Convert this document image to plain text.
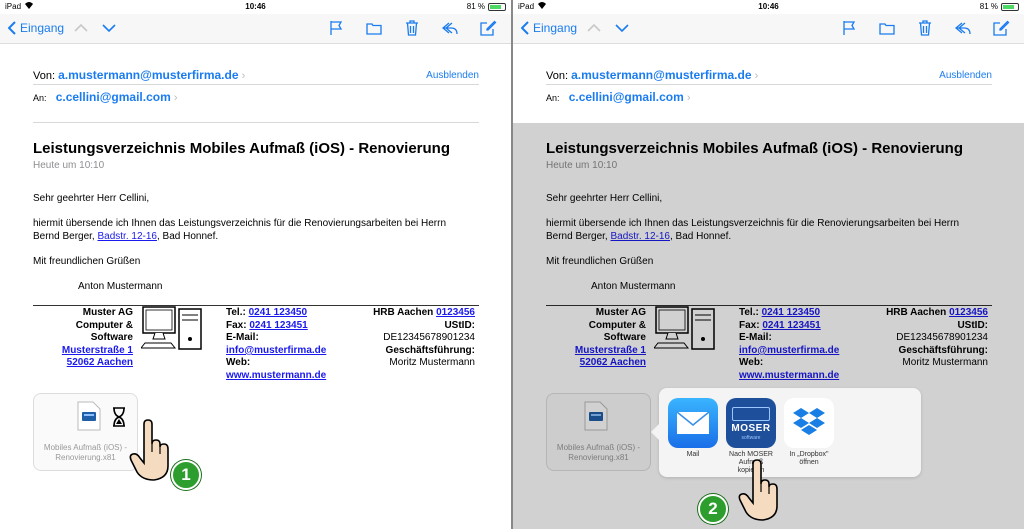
iPad	10:46	81 %
Eingang
Von: a.mustermann@musterfirma.de ›	Ausblenden
An: c.cellini@gmail.com ›
Leistungsverzeichnis Mobiles Aufmaß (iOS) - Renovierung
Heute um 10:10
Sehr geehrter Herr Cellini,
hiermit übersende ich Ihnen das Leistungsverzeichnis für die Renovierungsarbeiten bei Herrn
Bernd Berger, Badstr. 12-16, Bad Honnef.
Mit freundlichen Grüßen
Anton Mustermann
Muster AG
Computer &
Software
Musterstraße 1
52062 Aachen
Tel.: 0241 123450
Fax: 0241 123451
E-Mail:
info@musterfirma.de
Web:
www.mustermann.de
HRB Aachen 0123456
UStID:
DE12345678901234
Geschäftsführung:
Moritz Mustermann
Mobiles Aufmaß (iOS) -
Renovierung.x81
1
iPad	10:46	81 %
Eingang
Von: a.mustermann@musterfirma.de ›	Ausblenden
An: c.cellini@gmail.com ›
Leistungsverzeichnis Mobiles Aufmaß (iOS) - Renovierung
Heute um 10:10
Sehr geehrter Herr Cellini,
hiermit übersende ich Ihnen das Leistungsverzeichnis für die Renovierungsarbeiten bei Herrn
Bernd Berger, Badstr. 12-16, Bad Honnef.
Mit freundlichen Grüßen
Anton Mustermann
Muster AG
Computer &
Software
Musterstraße 1
52062 Aachen
Tel.: 0241 123450
Fax: 0241 123451
E-Mail:
info@musterfirma.de
Web:
www.mustermann.de
HRB Aachen 0123456
UStID:
DE12345678901234
Geschäftsführung:
Moritz Mustermann
Mobiles Aufmaß (iOS) -
Renovierung.x81	Mail
MOSER
software
Nach MOSER
Aufmaß kopieren
In „Dropbox"
öffnen
2
